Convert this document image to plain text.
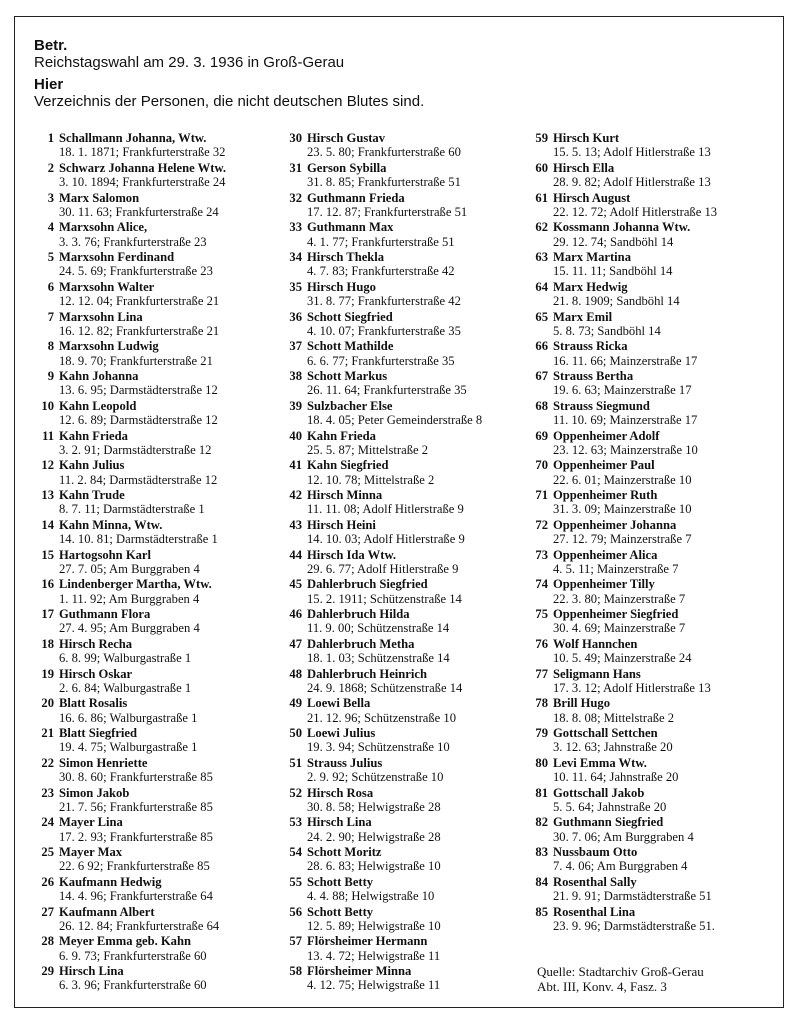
Betr.
Reichstagswahl am 29. 3. 1936 in Groß-Gerau
Hier
Verzeichnis der Personen, die nicht deutschen Blutes sind.
1 Schallmann Johanna, Wtw.
18. 1. 1871; Frankfurterstraße 32
2 Schwarz Johanna Helene Wtw.
3. 10. 1894; Frankfurterstraße 24
3 Marx Salomon
30. 11. 63; Frankfurterstraße 24
4 Marxsohn Alice,
3. 3. 76; Frankfurterstraße 23
5 Marxsohn Ferdinand
24. 5. 69; Frankfurterstraße 23
6 Marxsohn Walter
12. 12. 04; Frankfurterstraße 21
7 Marxsohn Lina
16. 12. 82; Frankfurterstraße 21
8 Marxsohn Ludwig
18. 9. 70; Frankfurterstraße 21
9 Kahn Johanna
13. 6. 95; Darmstädterstraße 12
10 Kahn Leopold
12. 6. 89; Darmstädterstraße 12
11 Kahn Frieda
3. 2. 91; Darmstädterstraße 12
12 Kahn Julius
11. 2. 84; Darmstädterstraße 12
13 Kahn Trude
8. 7. 11; Darmstädterstraße 1
14 Kahn Minna, Wtw.
14. 10. 81; Darmstädterstraße 1
15 Hartogsohn Karl
27. 7. 05; Am Burggraben 4
16 Lindenberger Martha, Wtw.
1. 11. 92; Am Burggraben 4
17 Guthmann Flora
27. 4. 95; Am Burggraben 4
18 Hirsch Recha
6. 8. 99; Walburgastraße 1
19 Hirsch Oskar
2. 6. 84; Walburgastraße 1
20 Blatt Rosalis
16. 6. 86; Walburgastraße 1
21 Blatt Siegfried
19. 4. 75; Walburgastraße 1
22 Simon Henriette
30. 8. 60; Frankfurterstraße 85
23 Simon Jakob
21. 7. 56; Frankfurterstraße 85
24 Mayer Lina
17. 2. 93; Frankfurterstraße 85
25 Mayer Max
22. 6 92; Frankfurterstraße 85
26 Kaufmann Hedwig
14. 4. 96; Frankfurterstraße 64
27 Kaufmann Albert
26. 12. 84; Frankfurterstraße 64
28 Meyer Emma geb. Kahn
6. 9. 73; Frankfurterstraße 60
29 Hirsch Lina
6. 3. 96; Frankfurterstraße 60
30 Hirsch Gustav
23. 5. 80; Frankfurterstraße 60
31 Gerson Sybilla
31. 8. 85; Frankfurterstraße 51
32 Guthmann Frieda
17. 12. 87; Frankfurterstraße 51
33 Guthmann Max
4. 1. 77; Frankfurterstraße 51
34 Hirsch Thekla
4. 7. 83; Frankfurterstraße 42
35 Hirsch Hugo
31. 8. 77; Frankfurterstraße 42
36 Schott Siegfried
4. 10. 07; Frankfurterstraße 35
37 Schott Mathilde
6. 6. 77; Frankfurterstraße 35
38 Schott Markus
26. 11. 64; Frankfurterstraße 35
39 Sulzbacher Else
18. 4. 05; Peter Gemeinderstraße 8
40 Kahn Frieda
25. 5. 87; Mittelstraße 2
41 Kahn Siegfried
12. 10. 78; Mittelstraße 2
42 Hirsch Minna
11. 11. 08; Adolf Hitlerstraße 9
43 Hirsch Heini
14. 10. 03; Adolf Hitlerstraße 9
44 Hirsch Ida Wtw.
29. 6. 77; Adolf Hitlerstraße 9
45 Dahlerbruch Siegfried
15. 2. 1911; Schützenstraße 14
46 Dahlerbruch Hilda
11. 9. 00; Schützenstraße 14
47 Dahlerbruch Metha
18. 1. 03; Schützenstraße 14
48 Dahlerbruch Heinrich
24. 9. 1868; Schützenstraße 14
49 Loewi Bella
21. 12. 96; Schützenstraße 10
50 Loewi Julius
19. 3. 94; Schützenstraße 10
51 Strauss Julius
2. 9. 92; Schützenstraße 10
52 Hirsch Rosa
30. 8. 58; Helwigstraße 28
53 Hirsch Lina
24. 2. 90; Helwigstraße 28
54 Schott Moritz
28. 6. 83; Helwigstraße 10
55 Schott Betty
4. 4. 88; Helwigstraße 10
56 Schott Betty
12. 5. 89; Helwigstraße 10
57 Flörsheimer Hermann
13. 4. 72; Helwigstraße 11
58 Flörsheimer Minna
4. 12. 75; Helwigstraße 11
59 Hirsch Kurt
15. 5. 13; Adolf Hitlerstraße 13
60 Hirsch Ella
28. 9. 82; Adolf Hitlerstraße 13
61 Hirsch August
22. 12. 72; Adolf Hitlerstraße 13
62 Kossmann Johanna Wtw.
29. 12. 74; Sandböhl 14
63 Marx Martina
15. 11. 11; Sandböhl 14
64 Marx Hedwig
21. 8. 1909; Sandböhl 14
65 Marx Emil
5. 8. 73; Sandböhl 14
66 Strauss Ricka
16. 11. 66; Mainzerstraße 17
67 Strauss Bertha
19. 6. 63; Mainzerstraße 17
68 Strauss Siegmund
11. 10. 69; Mainzerstraße 17
69 Oppenheimer Adolf
23. 12. 63; Mainzerstraße 10
70 Oppenheimer Paul
22. 6. 01; Mainzerstraße 10
71 Oppenheimer Ruth
31. 3. 09; Mainzerstraße 10
72 Oppenheimer Johanna
27. 12. 79; Mainzerstraße 7
73 Oppenheimer Alica
4. 5. 11; Mainzerstraße 7
74 Oppenheimer Tilly
22. 3. 80; Mainzerstraße 7
75 Oppenheimer Siegfried
30. 4. 69; Mainzerstraße 7
76 Wolf Hannchen
10. 5. 49; Mainzerstraße 24
77 Seligmann Hans
17. 3. 12; Adolf Hitlerstraße 13
78 Brill Hugo
18. 8. 08; Mittelstraße 2
79 Gottschall Settchen
3. 12. 63; Jahnstraße 20
80 Levi Emma Wtw.
10. 11. 64; Jahnstraße 20
81 Gottschall Jakob
5. 5. 64; Jahnstraße 20
82 Guthmann Siegfried
30. 7. 06; Am Burggraben 4
83 Nussbaum Otto
7. 4. 06; Am Burggraben 4
84 Rosenthal Sally
21. 9. 91; Darmstädterstraße 51
85 Rosenthal Lina
23. 9. 96; Darmstädterstraße 51.
Quelle: Stadtarchiv Groß-Gerau
Abt. III, Konv. 4, Fasz. 3
